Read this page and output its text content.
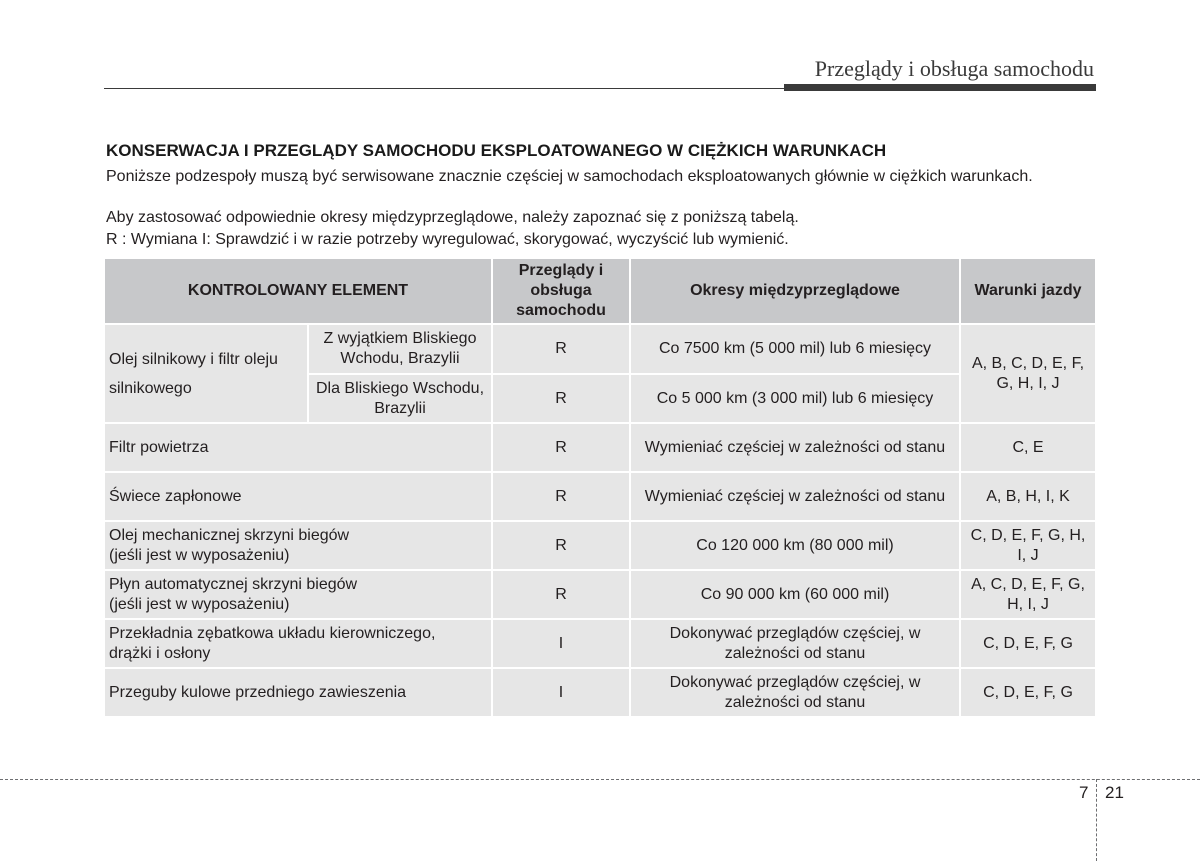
Przeglądy i obsługa samochodu
KONSERWACJA I PRZEGLĄDY SAMOCHODU EKSPLOATOWANEGO W CIĘŻKICH WARUNKACH
Poniższe podzespoły muszą być serwisowane znacznie częściej w samochodach eksploatowanych głównie w ciężkich warunkach.
Aby zastosować odpowiednie okresy międzyprzeglądowe, należy zapoznać się z poniższą tabelą.
R : Wymiana I: Sprawdzić i w razie potrzeby wyregulować, skorygować, wyczyścić lub wymienić.
KONTROLOWANY ELEMENT		Przeglądy i obsługa samochodu	Okresy międzyprzeglądowe	Warunki jazdy
Olej silnikowy i filtr oleju silnikowego	Z wyjątkiem Bliskiego Wchodu, Brazylii	R	Co 7500 km (5 000 mil) lub 6 miesięcy	A, B, C, D, E, F, G, H, I, J
	Dla Bliskiego Wschodu, Brazylii	R	Co 5 000 km (3 000 mil) lub 6 miesięcy	
Filtr powietrza		R	Wymieniać częściej w zależności od stanu	C, E
Świece zapłonowe		R	Wymieniać częściej w zależności od stanu	A, B, H, I, K
Olej mechanicznej skrzyni biegów (jeśli jest w wyposażeniu)		R	Co 120 000 km (80 000 mil)	C, D, E, F, G, H, I, J
Płyn automatycznej skrzyni biegów (jeśli jest w wyposażeniu)		R	Co 90 000 km (60 000 mil)	A, C, D, E, F, G, H, I, J
Przekładnia zębatkowa układu kierowniczego, drążki i osłony		I	Dokonywać przeglądów częściej, w zależności od stanu	C, D, E, F, G
Przeguby kulowe przedniego zawieszenia		I	Dokonywać przeglądów częściej, w zależności od stanu	C, D, E, F, G
7 21
